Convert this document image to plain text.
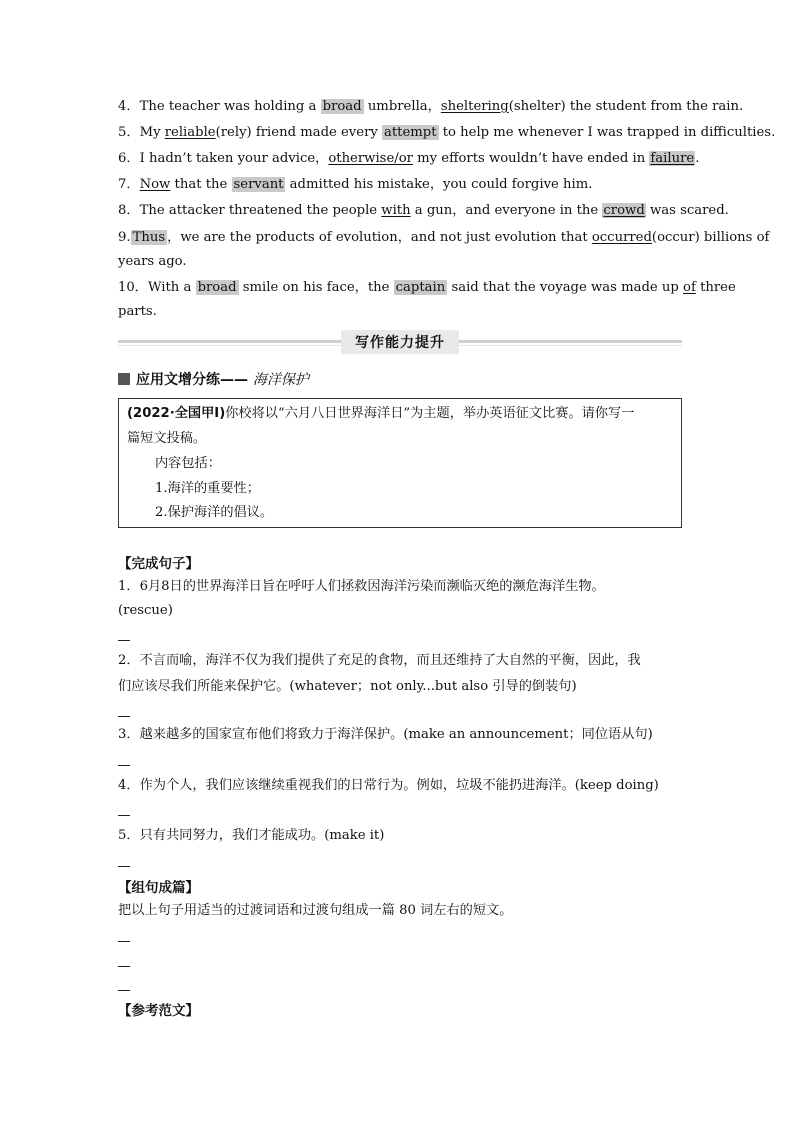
4．The teacher was holding a broad umbrella，sheltering(shelter) the student from the rain.
5．My reliable(rely) friend made every attempt to help me whenever I was trapped in difficulties.
6．I hadn’t taken your advice，otherwise/or my efforts wouldn’t have ended in failure.
7．Now that the servant admitted his mistake，you could forgive him.
8．The attacker threatened the people with a gun，and everyone in the crowd was scared.
9. Thus ，we are the products of evolution，and not just evolution that occurred(occur) billions of
years ago.
10．With a broad smile on his face，the captain said that the voyage was made up of three
parts.
写作能力提升
应用文增分练—— 海洋保护
(2022·全国甲Ⅰ)你校将以“六月八日世界海洋日”为主题，举办英语征文比赛。请你写一
篇短文投稿。
内容包括：
1.海洋的重要性；
2.保护海洋的倡议。
【完成句子】
1．6月8日的世界海洋日旨在呼吁人们拯救因海洋污染而濒临灭绝的濒危海洋生物。
(rescue)
2．不言而喻，海洋不仅为我们提供了充足的食物，而且还维持了大自然的平衡，因此，我
们应该尽我们所能来保护它。(whatever；not only...but also 引导的倒装句)
3．越来越多的国家宣布他们将致力于海洋保护。(make an announcement；同位语从句)
4．作为个人，我们应该继续重视我们的日常行为。例如，垃圾不能扔进海洋。(keep doing)
5．只有共同努力，我们才能成功。(make it)
【组句成篇】
把以上句子用适当的过渡词语和过渡句组成一篇 80 词左右的短文。
【参考范文】
